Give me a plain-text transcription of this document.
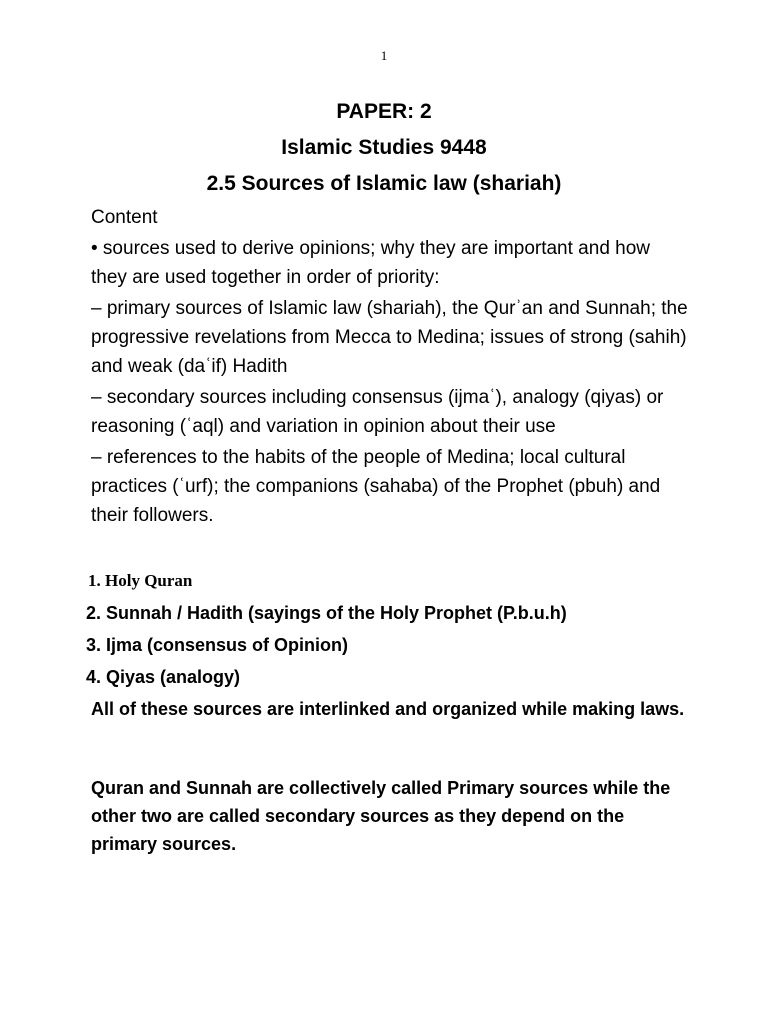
1
PAPER: 2
Islamic Studies 9448
2.5 Sources of Islamic law (shariah)
Content

• sources used to derive opinions; why they are important and how they are used together in order of priority:

– primary sources of Islamic law (shariah), the Qurʾan and Sunnah; the progressive revelations from Mecca to Medina; issues of strong (sahih) and weak (daʿif) Hadith

– secondary sources including consensus (ijmaʿ), analogy (qiyas) or reasoning (ʿaql) and variation in opinion about their use

– references to the habits of the people of Medina; local cultural practices (ʿurf); the companions (sahaba) of the Prophet (pbuh) and their followers.

1. Holy Quran
2. Sunnah / Hadith (sayings of the Holy Prophet (P.b.u.h)
3. Ijma (consensus of Opinion)
4. Qiyas (analogy)
All of these sources are interlinked and organized while making laws.
Quran and Sunnah are collectively called Primary sources while the other two are called secondary sources as they depend on the primary sources.
